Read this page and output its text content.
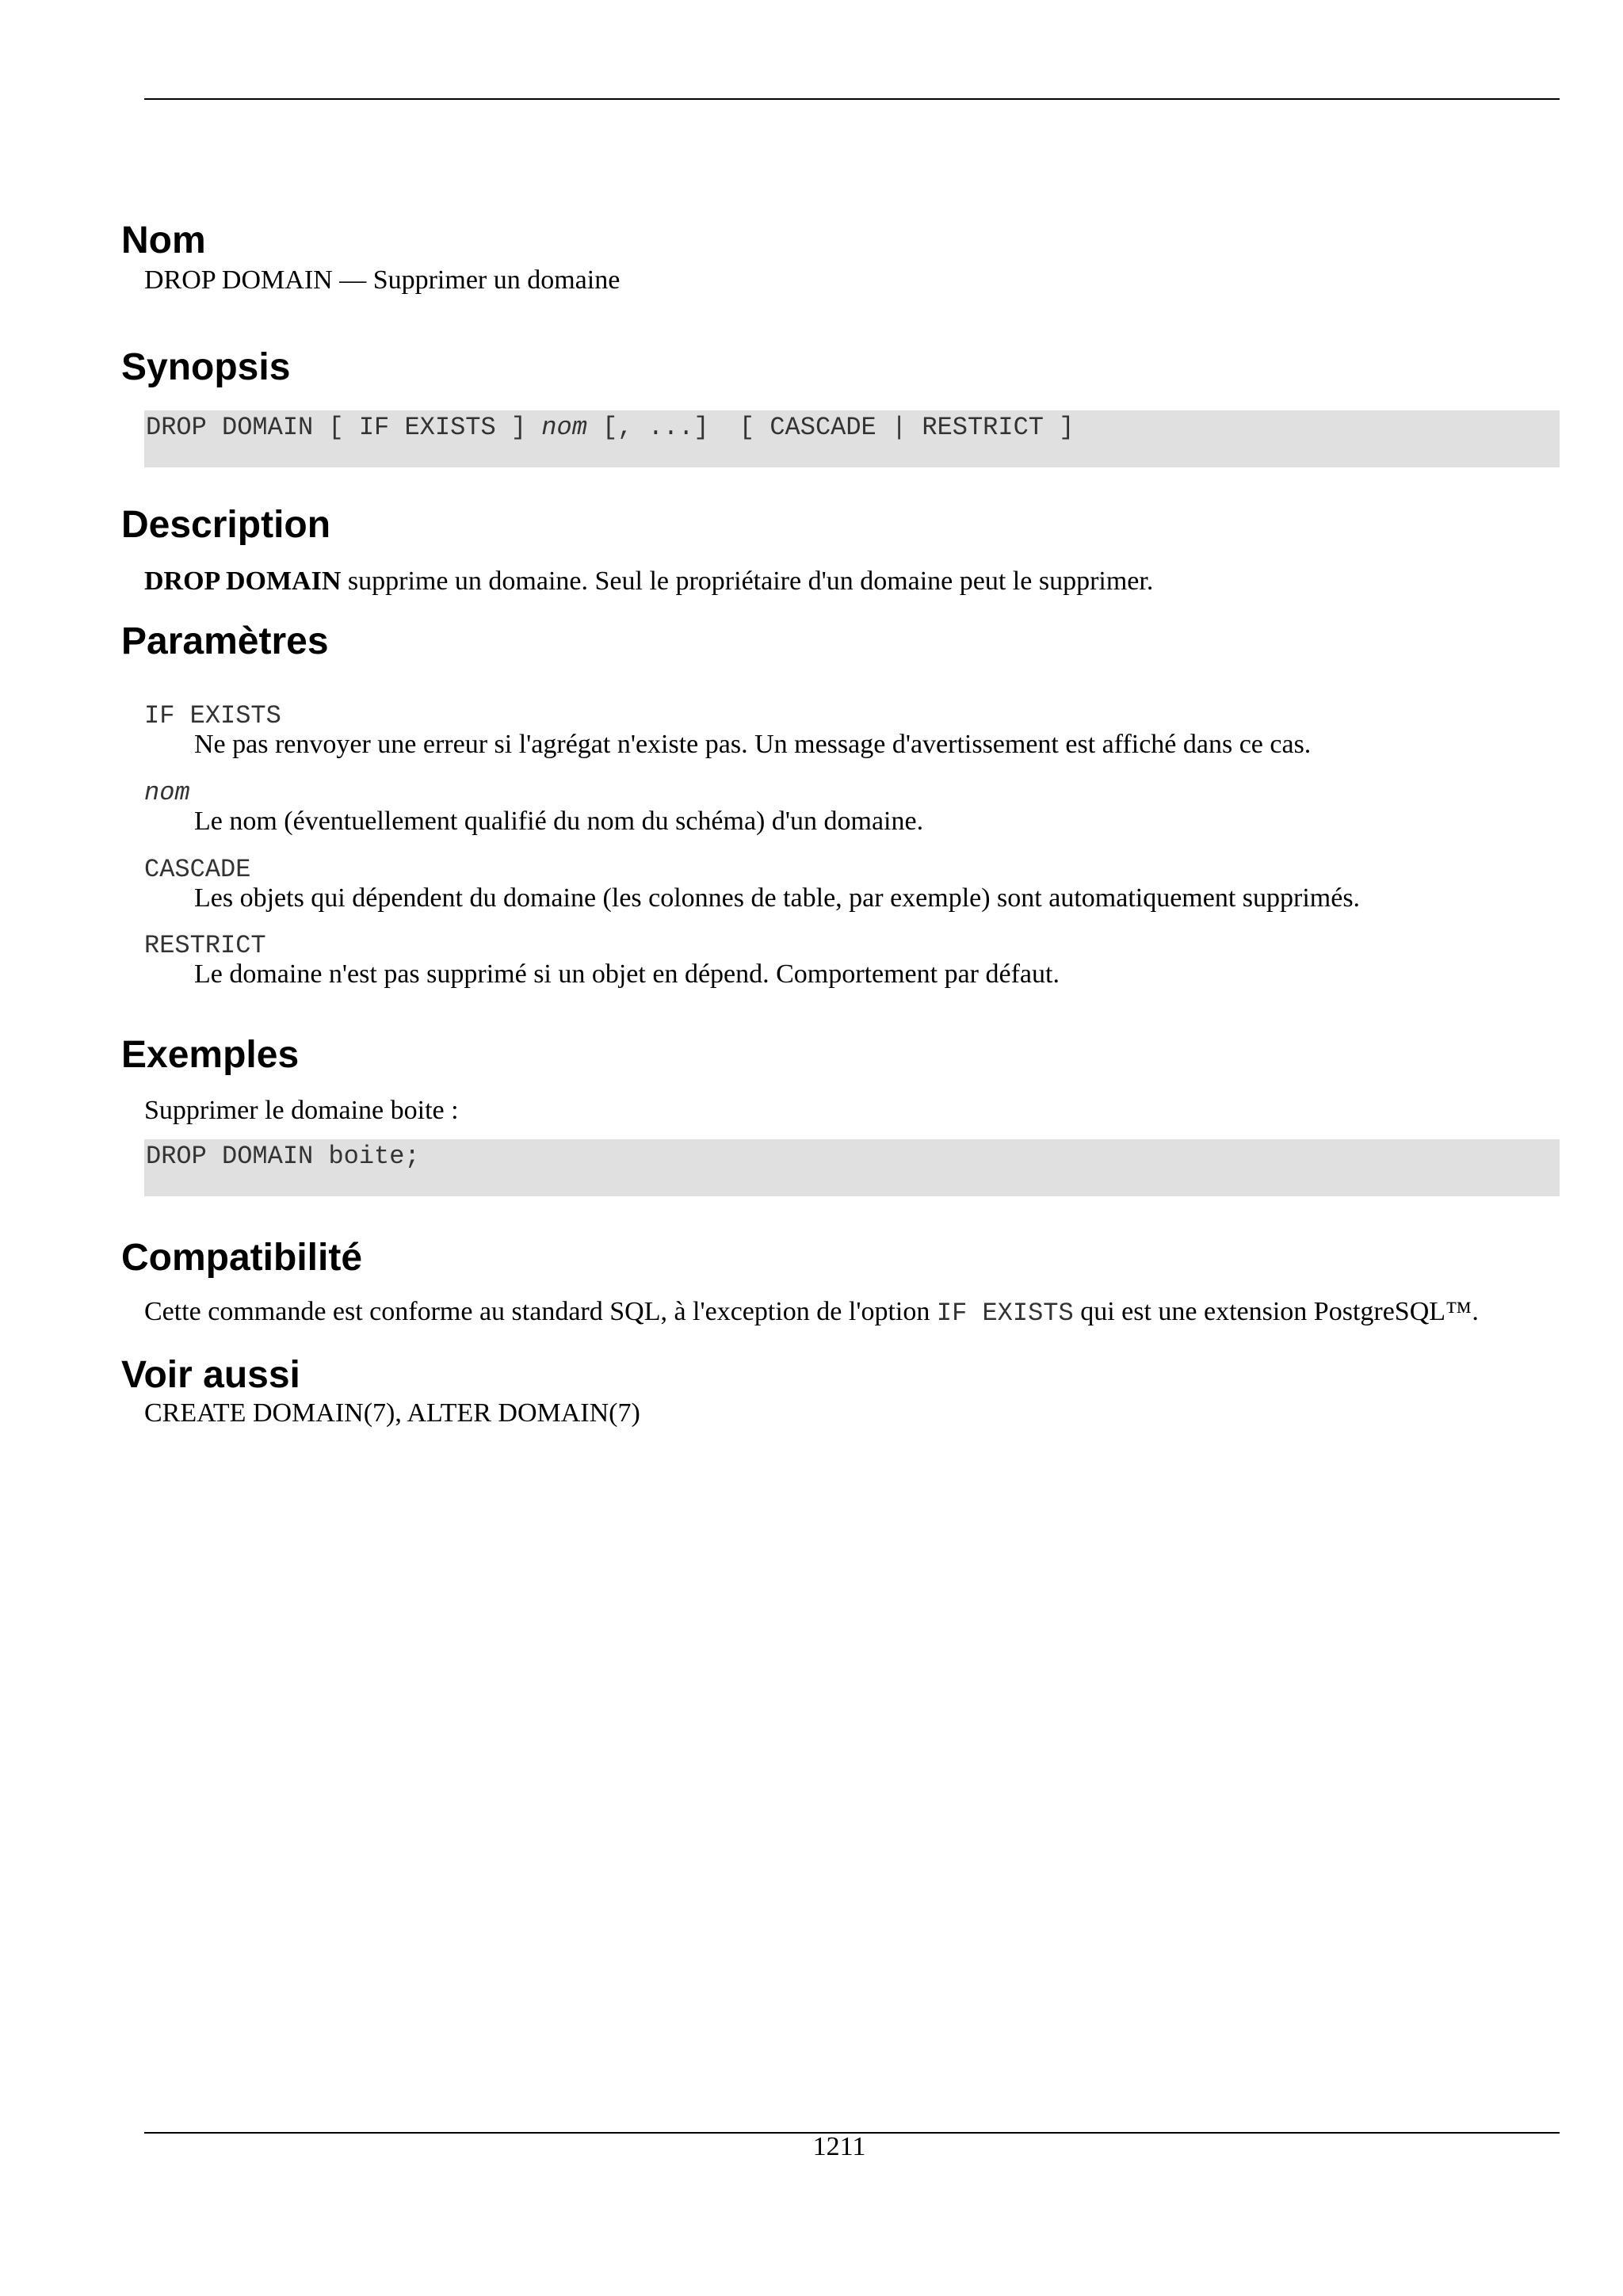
Nom

DROP DOMAIN — Supprimer un domaine

Synopsis
DROP DOMAIN [ IF EXISTS ] nom [, ...]  [ CASCADE | RESTRICT ]
Description

DROP DOMAIN supprime un domaine. Seul le propriétaire d'un domaine peut le supprimer.

Paramètres

IF EXISTS

Ne pas renvoyer une erreur si l'agrégat n'existe pas. Un message d'avertissement est affiché dans ce cas.

nom

Le nom (éventuellement qualifié du nom du schéma) d'un domaine.

CASCADE

Les objets qui dépendent du domaine (les colonnes de table, par exemple) sont automatiquement supprimés.

RESTRICT

Le domaine n'est pas supprimé si un objet en dépend. Comportement par défaut.

Exemples

Supprimer le domaine boite :

DROP DOMAIN boite;
Compatibilité

Cette commande est conforme au standard SQL, à l'exception de l'option IF EXISTS qui est une extension PostgreSQL™.

Voir aussi

CREATE DOMAIN(7), ALTER DOMAIN(7)

1211
